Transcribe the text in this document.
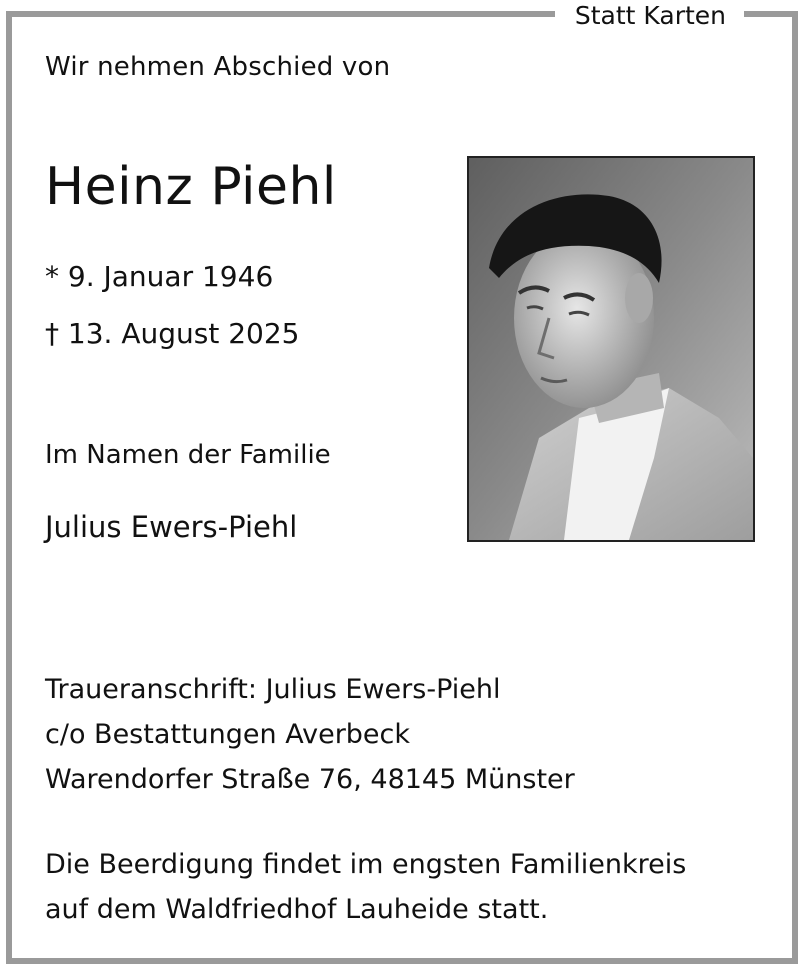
Statt Karten
Wir nehmen Abschied von
Heinz Piehl
* 9. Januar 1946
† 13. August 2025
Im Namen der Familie
Julius Ewers-Piehl
Traueranschrift: Julius Ewers-Piehl
c/o Bestattungen Averbeck
Warendorfer Straße 76, 48145 Münster
Die Beerdigung findet im engsten Familienkreis
auf dem Waldfriedhof Lauheide statt.
